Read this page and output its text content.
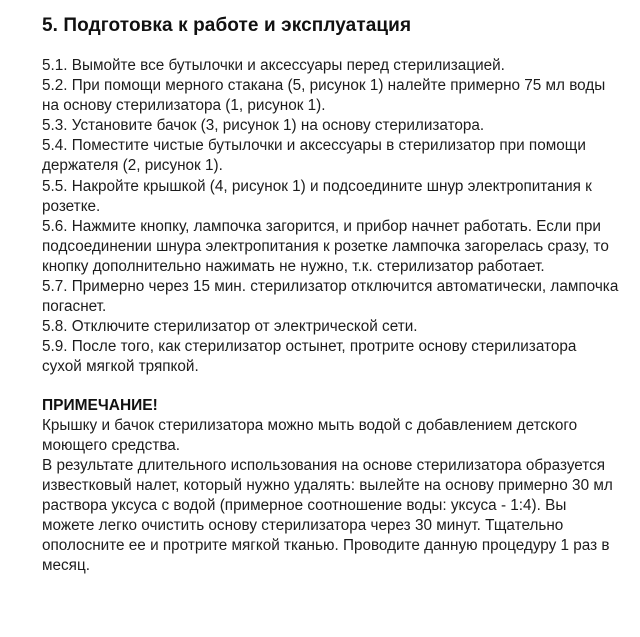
5. Подготовка к работе и эксплуатация

5.1. Вымойте все бутылочки и аксессуары перед стерилизацией.

5.2. При помощи мерного стакана (5, рисунок 1) налейте примерно 75 мл воды на основу стерилизатора (1, рисунок 1).

5.3. Установите бачок (3, рисунок 1) на основу стерилизатора.

5.4. Поместите чистые бутылочки и аксессуары в стерилизатор при помощи держателя (2, рисунок 1).

5.5. Накройте крышкой (4, рисунок 1) и подсоедините шнур электропитания к розетке.

5.6. Нажмите кнопку, лампочка загорится, и прибор начнет работать. Если при подсоединении шнура электропитания к розетке лампочка загорелась сразу, то кнопку дополнительно нажимать не нужно, т.к. стерилизатор работает.

5.7. Примерно через 15 мин. стерилизатор отключится автоматически, лампочка погаснет.

5.8. Отключите стерилизатор от электрической сети.

5.9. После того, как стерилизатор остынет, протрите основу стерилизатора сухой мягкой тряпкой.

ПРИМЕЧАНИЕ!

Крышку и бачок стерилизатора можно мыть водой с добавлением детского моющего средства.

В результате длительного использования на основе стерилизатора образуется известковый налет, который нужно удалять: вылейте на основу примерно 30 мл раствора уксуса с водой (примерное соотношение воды: уксуса - 1:4). Вы можете легко очистить основу стерилизатора через 30 минут. Тщательно ополосните ее и протрите мягкой тканью. Проводите данную процедуру 1 раз в месяц.
